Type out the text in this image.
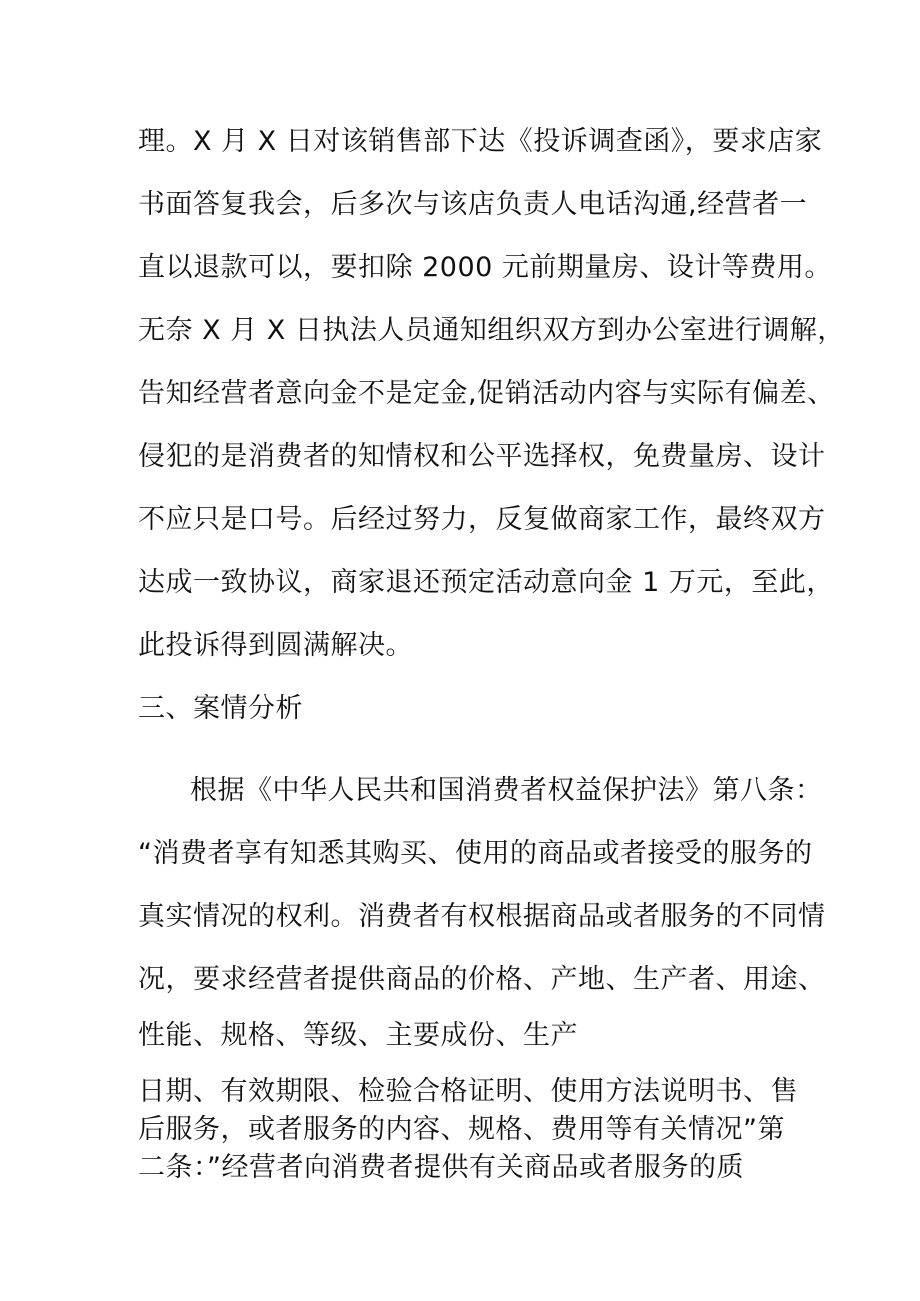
理。X 月 X 日对该销售部下达《投诉调查函》，要求店家
书面答复我会，后多次与该店负责人电话沟通,经营者一
直以退款可以，要扣除 2000 元前期量房、设计等费用。
无奈 X 月 X 日执法人员通知组织双方到办公室进行调解，
告知经营者意向金不是定金,促销活动内容与实际有偏差、
侵犯的是消费者的知情权和公平选择权，免费量房、设计
不应只是口号。后经过努力，反复做商家工作，最终双方
达成一致协议，商家退还预定活动意向金 1 万元，至此，
此投诉得到圆满解决。
三、案情分析
根据《中华人民共和国消费者权益保护法》第八条：
“消费者享有知悉其购买、使用的商品或者接受的服务的
真实情况的权利。消费者有权根据商品或者服务的不同情
况，要求经营者提供商品的价格、产地、生产者、用途、
性能、规格、等级、主要成份、生产
日期、有效期限、检验合格证明、使用方法说明书、售
后服务，或者服务的内容、规格、费用等有关情况”第
二条：”经营者向消费者提供有关商品或者服务的质
